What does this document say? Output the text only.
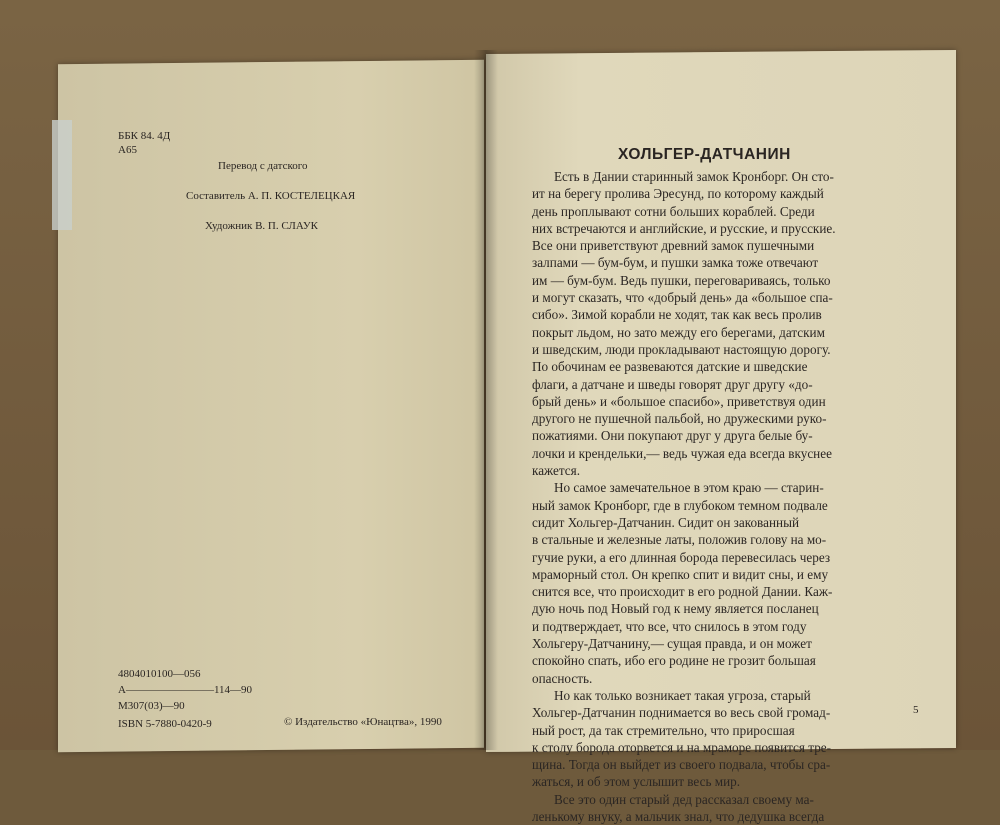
ББК 84. 4Д
А65
Перевод с датского
Составитель А. П. КОСТЕЛЕЦКАЯ
Художник В. П. СЛАУК
4804010100—056
А————————114—90
М307(03)—90
ISBN 5-7880-0420-9	© Издательство «Юнацтва», 1990
ХОЛЬГЕР-ДАТЧАНИН
Есть в Дании старинный замок Кронборг. Он сто-
ит на берегу пролива Эресунд, по которому каждый
день проплывают сотни больших кораблей. Среди
них встречаются и английские, и русские, и прусские.
Все они приветствуют древний замок пушечными
залпами — бум-бум, и пушки замка тоже отвечают
им — бум-бум. Ведь пушки, переговариваясь, только
и могут сказать, что «добрый день» да «большое спа-
сибо». Зимой корабли не ходят, так как весь пролив
покрыт льдом, но зато между его берегами, датским
и шведским, люди прокладывают настоящую дорогу.
По обочинам ее развеваются датские и шведские
флаги, а датчане и шведы говорят друг другу «до-
брый день» и «большое спасибо», приветствуя один
другого не пушечной пальбой, но дружескими руко-
пожатиями. Они покупают друг у друга белые бу-
лочки и крендельки,— ведь чужая еда всегда вкуснее
кажется.
Но самое замечательное в этом краю — старин-
ный замок Кронборг, где в глубоком темном подвале
сидит Хольгер-Датчанин. Сидит он закованный
в стальные и железные латы, положив голову на мо-
гучие руки, а его длинная борода перевесилась через
мраморный стол. Он крепко спит и видит сны, и ему
снится все, что происходит в его родной Дании. Каж-
дую ночь под Новый год к нему является посланец
и подтверждает, что все, что снилось в этом году
Хольгеру-Датчанину,— сущая правда, и он может
спокойно спать, ибо его родине не грозит большая
опасность.
Но как только возникает такая угроза, старый
Хольгер-Датчанин поднимается во весь свой громад-
ный рост, да так стремительно, что приросшая
к столу борода оторвется и на мраморе появится тре-
щина. Тогда он выйдет из своего подвала, чтобы сра-
жаться, и об этом услышит весь мир.
Все это один старый дед рассказал своему ма-
ленькому внуку, а мальчик знал, что дедушка всегда
5
